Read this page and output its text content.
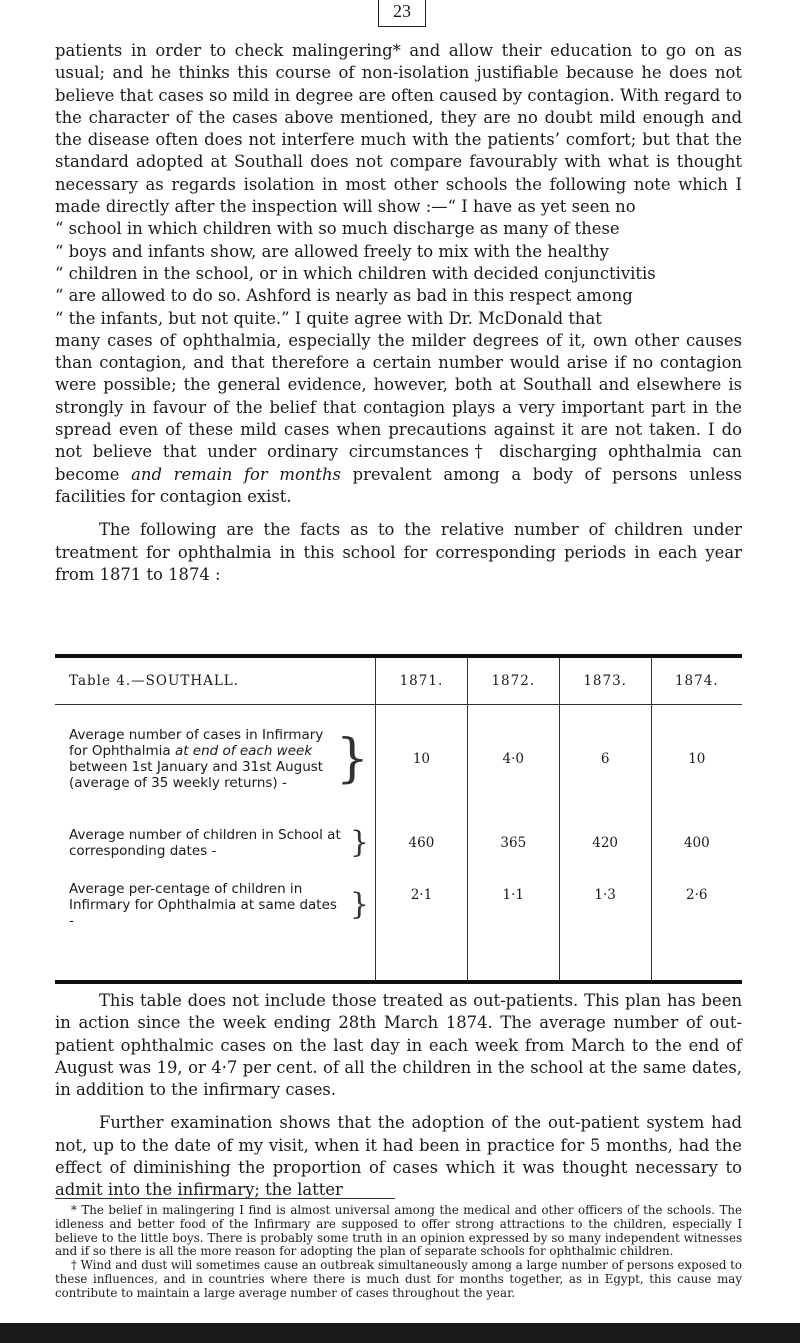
23

patients in order to check malingering* and allow their education to go on as usual; and he thinks this course of non-isolation justifiable because he does not believe that cases so mild in degree are often caused by contagion. With regard to the character of the cases above mentioned, they are no doubt mild enough and the disease often does not interfere much with the patients’ comfort; but that the standard adopted at Southall does not compare favourably with what is thought necessary as regards isolation in most other schools the following note which I made directly after the inspection will show :—“ I have as yet seen no
“ school in which children with so much discharge as many of these
“ boys and infants show, are allowed freely to mix with the healthy
“ children in the school, or in which children with decided conjunctivitis
“ are allowed to do so. Ashford is nearly as bad in this respect among
“ the infants, but not quite.” I quite agree with Dr. McDonald that
many cases of ophthalmia, especially the milder degrees of it, own other causes than contagion, and that therefore a certain number would arise if no contagion were possible; the general evidence, however, both at Southall and elsewhere is strongly in favour of the belief that contagion plays a very important part in the spread even of these mild cases when precautions against it are not taken. I do not believe that under ordinary circumstances† discharging ophthalmia can become and remain for months prevalent among a body of persons unless facilities for contagion exist.

The following are the facts as to the relative number of children under treatment for ophthalmia in this school for corresponding periods in each year from 1871 to 1874 :

Table 4.—SOUTHALL.	1871.	1872.	1873.	1874.

Average number of cases in Infirmary for Ophthalmia at end of each week between 1st January and 31st August (average of 35 weekly returns) - }	10	4·0	6	10

Average number of children in School at corresponding dates - }	460	365	420	400

Average per-centage of children in Infirmary for Ophthalmia at same dates - }	2·1	1·1	1·3	2·6

This table does not include those treated as out-patients. This plan has been in action since the week ending 28th March 1874. The average number of out-patient ophthalmic cases on the last day in each week from March to the end of August was 19, or 4·7 per cent. of all the children in the school at the same dates, in addition to the infirmary cases.

Further examination shows that the adoption of the out-patient system had not, up to the date of my visit, when it had been in practice for 5 months, had the effect of diminishing the proportion of cases which it was thought necessary to admit into the infirmary; the latter

* The belief in malingering I find is almost universal among the medical and other officers of the schools. The idleness and better food of the Infirmary are supposed to offer strong attractions to the children, especially I believe to the little boys. There is probably some truth in an opinion expressed by so many independent witnesses and if so there is all the more reason for adopting the plan of separate schools for ophthalmic children.

† Wind and dust will sometimes cause an outbreak simultaneously among a large number of persons exposed to these influences, and in countries where there is much dust for months together, as in Egypt, this cause may contribute to maintain a large average number of cases throughout the year.
